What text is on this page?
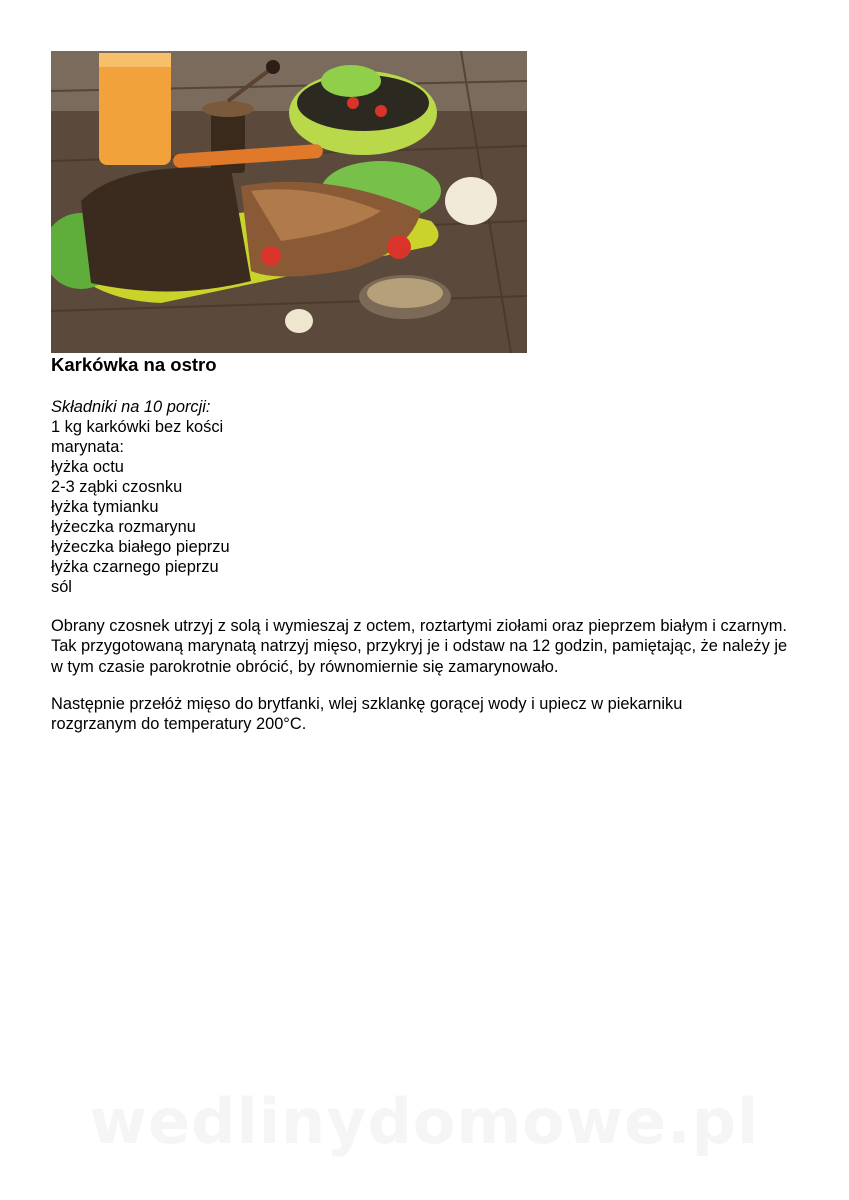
Karkówka na ostro
Składniki na 10 porcji:
1 kg karkówki bez kości
marynata:
łyżka octu
2-3 ząbki czosnku
łyżka tymianku
łyżeczka rozmarynu
łyżeczka białego pieprzu
łyżka czarnego pieprzu
sól
Obrany czosnek utrzyj z solą i wymieszaj z octem, roztartymi ziołami oraz pieprzem białym i czarnym. Tak przygotowaną marynatą natrzyj mięso, przykryj je i odstaw na 12 godzin, pamiętając, że należy je w tym czasie parokrotnie obrócić, by równomiernie się zamarynowało.
Następnie przełóż mięso do brytfanki, wlej szklankę gorącej wody i upiecz w piekarniku rozgrzanym do temperatury 200°C.
wedlinydomowe.pl
